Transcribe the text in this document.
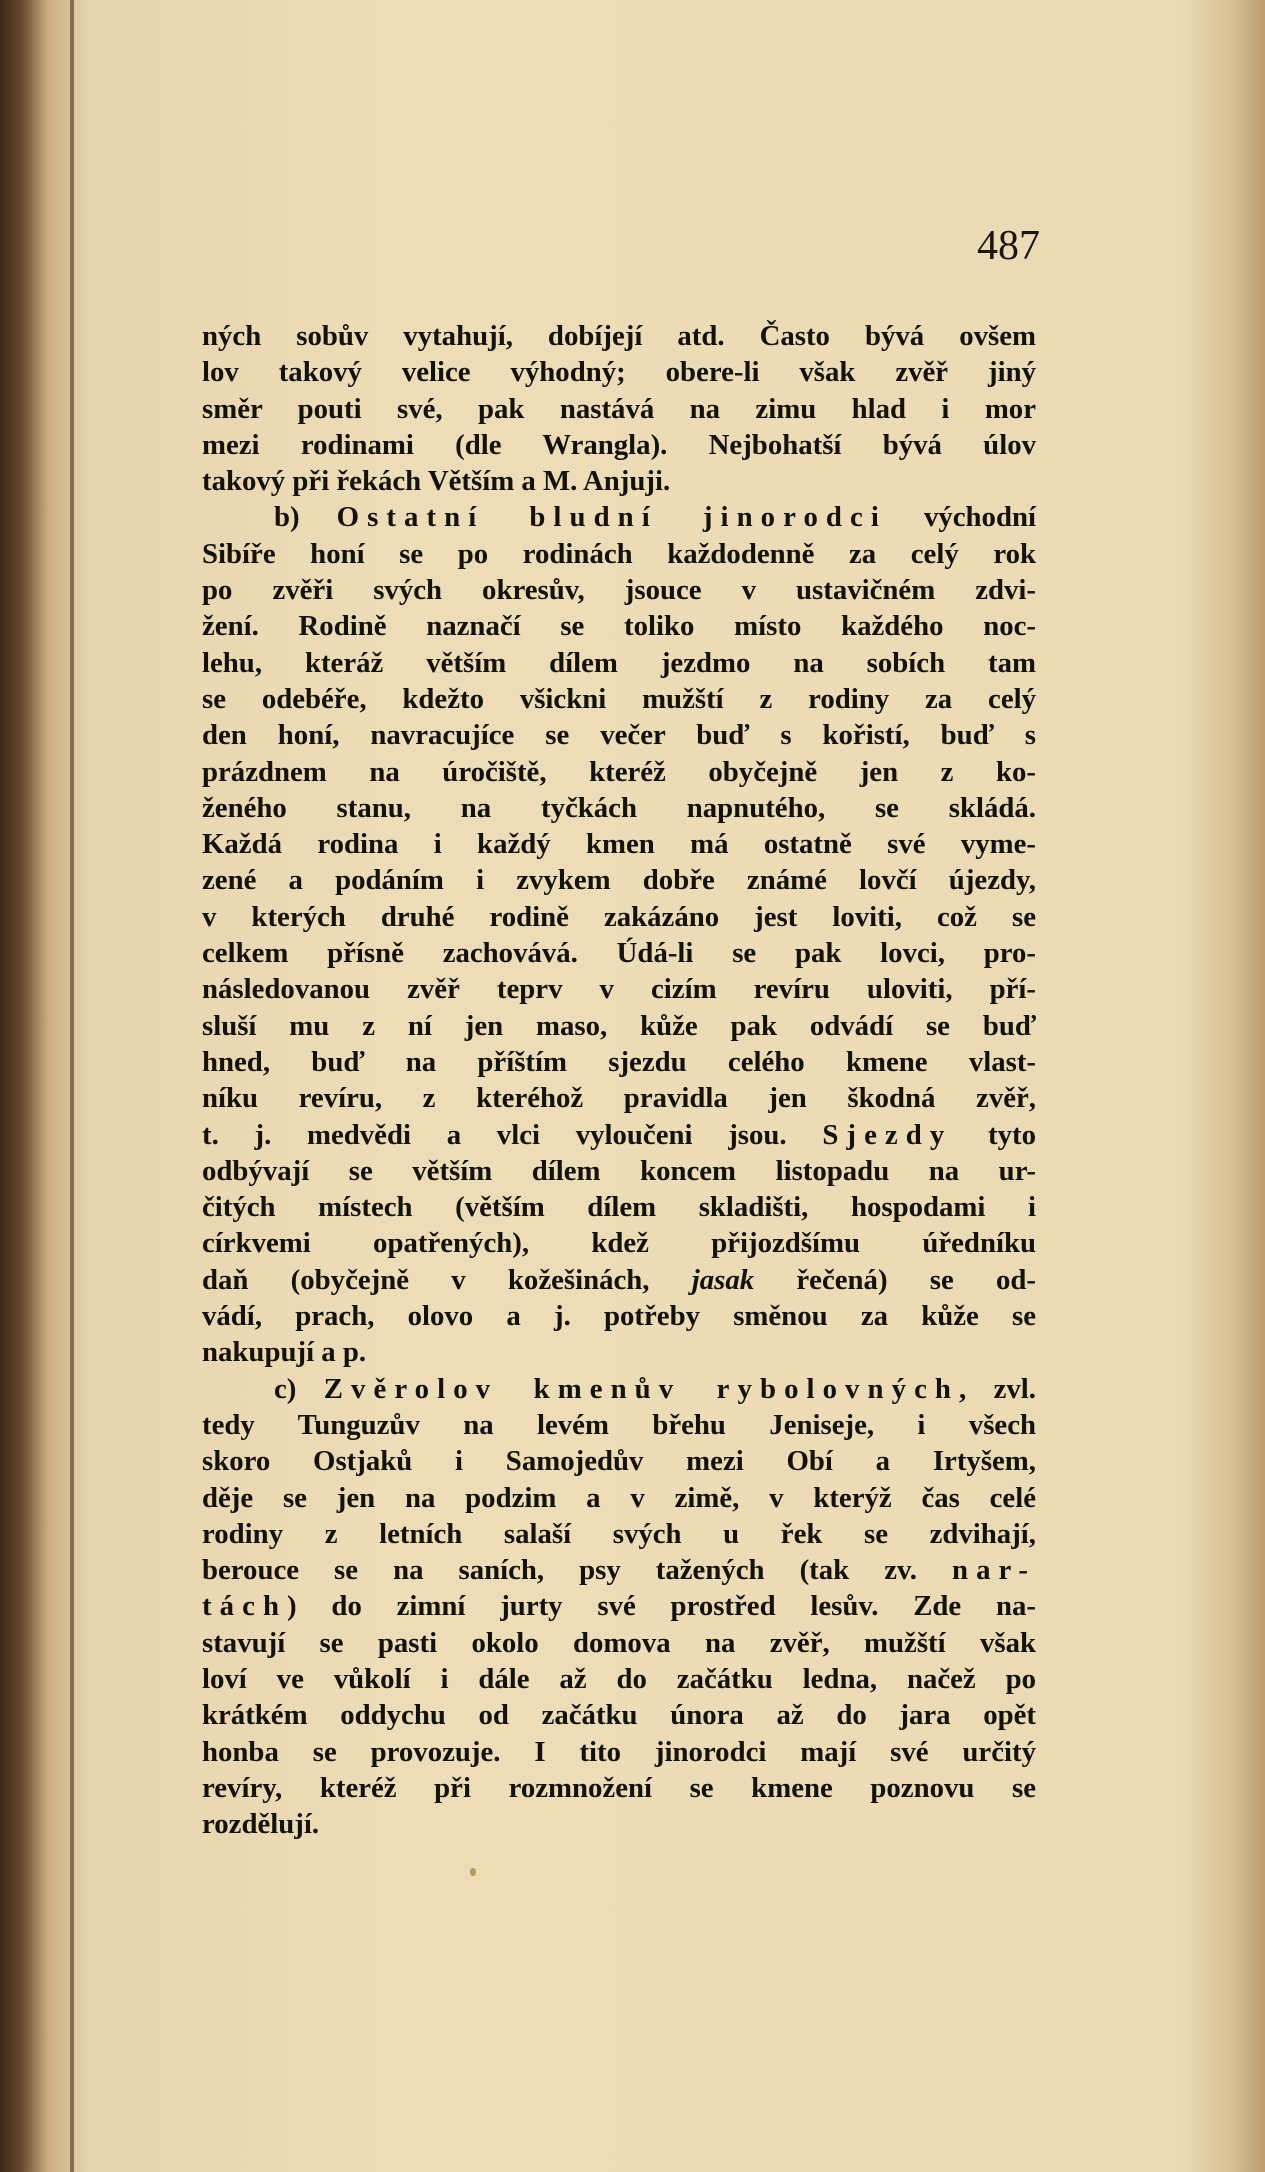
487
ných sobův vytahují, dobíjejí atd. Často bývá ovšem
lov takový velice výhodný; obere-li však zvěř jiný
směr pouti své, pak nastává na zimu hlad i mor
mezi rodinami (dle Wrangla). Nejbohatší bývá úlov
takový při řekách Větším a M. Anjuji.
b) Ostatní bludní jinorodci východní
Sibíře honí se po rodinách každodenně za celý rok
po zvěři svých okresův, jsouce v ustavičném zdvi-
žení. Rodině naznačí se toliko místo každého noc-
lehu, kteráž větším dílem jezdmo na sobích tam
se odebéře, kdežto všickni mužští z rodiny za celý
den honí, navracujíce se večer buď s kořistí, buď s
prázdnem na úročiště, kteréž obyčejně jen z ko-
ženého stanu, na tyčkách napnutého, se skládá.
Každá rodina i každý kmen má ostatně své vyme-
zené a podáním i zvykem dobře známé lovčí újezdy,
v kterých druhé rodině zakázáno jest loviti, což se
celkem přísně zachovává. Údá-li se pak lovci, pro-
následovanou zvěř teprv v cizím revíru uloviti, pří-
sluší mu z ní jen maso, kůže pak odvádí se buď
hned, buď na příštím sjezdu celého kmene vlast-
níku revíru, z kteréhož pravidla jen škodná zvěř,
t. j. medvědi a vlci vyloučeni jsou. Sjezdy tyto
odbývají se větším dílem koncem listopadu na ur-
čitých místech (větším dílem skladišti, hospodami i
církvemi opatřených), kdež přijozdšímu úředníku
daň (obyčejně v kožešinách, jasak řečená) se od-
vádí, prach, olovo a j. potřeby směnou za kůže se
nakupují a p.
c) Zvěrolov kmenův rybolovných, zvl.
tedy Tunguzův na levém břehu Jeniseje, i všech
skoro Ostjaků i Samojedův mezi Obí a Irtyšem,
děje se jen na podzim a v zimě, v kterýž čas celé
rodiny z letních salaší svých u řek se zdvihají,
berouce se na saních, psy tažených (tak zv. nar-
tách) do zimní jurty své prostřed lesův. Zde na-
stavují se pasti okolo domova na zvěř, mužští však
loví ve vůkolí i dále až do začátku ledna, načež po
krátkém oddychu od začátku února až do jara opět
honba se provozuje. I tito jinorodci mají své určitý
revíry, kteréž při rozmnožení se kmene poznovu se
rozdělují.
